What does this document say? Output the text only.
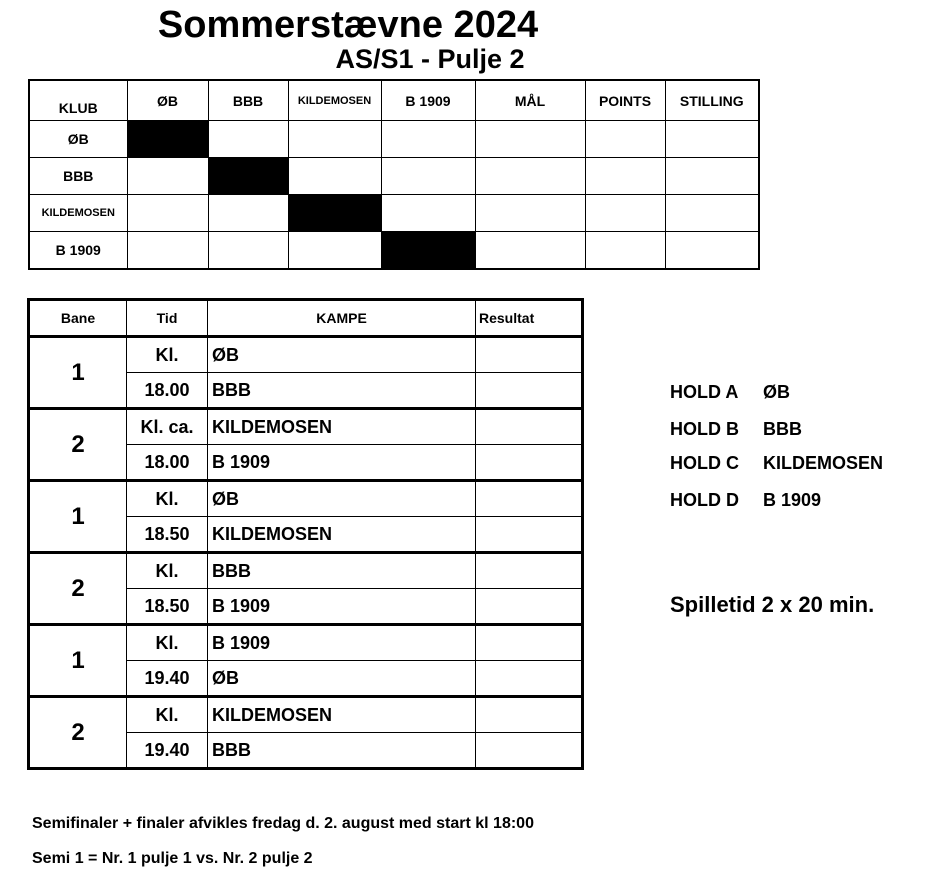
Sommerstævne 2024
AS/S1 - Pulje 2
KLUB	ØB	BBB	KILDEMOSEN	B 1909	MÅL	POINTS	STILLING
ØB							
BBB							
KILDEMOSEN							
B 1909							
Bane	Tid	KAMPE	Resultat
1	Kl.	ØB	
	18.00	BBB	
2	Kl. ca.	KILDEMOSEN	
	18.00	B 1909	
1	Kl.	ØB	
	18.50	KILDEMOSEN	
2	Kl.	BBB	
	18.50	B 1909	
1	Kl.	B 1909	
	19.40	ØB	
2	Kl.	KILDEMOSEN	
	19.40	BBB	
HOLD A ØB
HOLD B BBB
HOLD C KILDEMOSEN
HOLD D B 1909
Spilletid 2 x 20 min.
Semifinaler + finaler afvikles fredag d. 2. august med start kl 18:00
Semi 1 = Nr. 1 pulje 1 vs. Nr. 2 pulje 2
